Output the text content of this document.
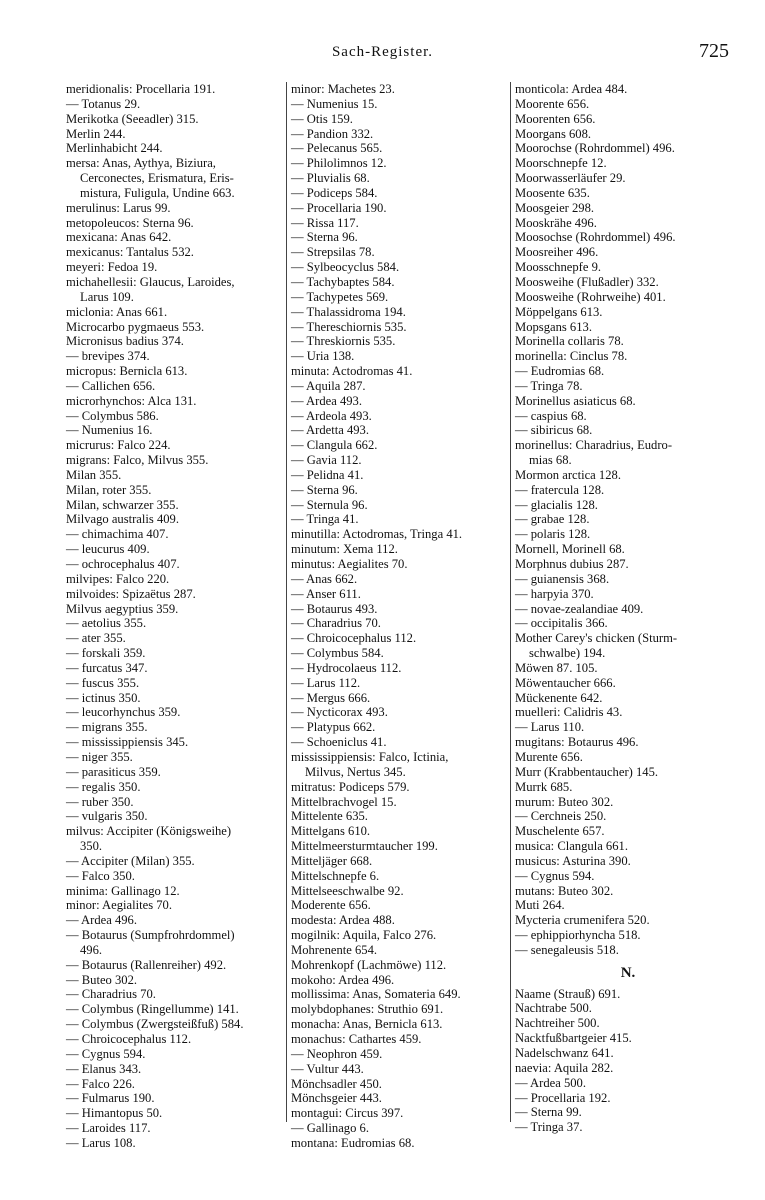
Sach-Register.	725
meridionalis: Procellaria 191.
— Totanus 29.
Merikotka (Seeadler) 315.
Merlin 244.
Merlinhabicht 244.
mersa: Anas, Aythya, Biziura,
Cerconectes, Erismatura, Eris-
mistura, Fuligula, Undine 663.
merulinus: Larus 99.
metopoleucos: Sterna 96.
mexicana: Anas 642.
mexicanus: Tantalus 532.
meyeri: Fedoa 19.
michahellesii: Glaucus, Laroides,
Larus 109.
miclonia: Anas 661.
Microcarbo pygmaeus 553.
Micronisus badius 374.
— brevipes 374.
micropus: Bernicla 613.
— Callichen 656.
microrhynchos: Alca 131.
— Colymbus 586.
— Numenius 16.
micrurus: Falco 224.
migrans: Falco, Milvus 355.
Milan 355.
Milan, roter 355.
Milan, schwarzer 355.
Milvago australis 409.
— chimachima 407.
— leucurus 409.
— ochrocephalus 407.
milvipes: Falco 220.
milvoides: Spizaëtus 287.
Milvus aegyptius 359.
— aetolius 355.
— ater 355.
— forskali 359.
— furcatus 347.
— fuscus 355.
— ictinus 350.
— leucorhynchus 359.
— migrans 355.
— mississippiensis 345.
— niger 355.
— parasiticus 359.
— regalis 350.
— ruber 350.
— vulgaris 350.
milvus: Accipiter (Königsweihe)
350.
— Accipiter (Milan) 355.
— Falco 350.
minima: Gallinago 12.
minor: Aegialites 70.
— Ardea 496.
— Botaurus (Sumpfrohrdommel)
496.
— Botaurus (Rallenreiher) 492.
— Buteo 302.
— Charadrius 70.
— Colymbus (Ringellumme) 141.
— Colymbus (Zwergsteißfuß) 584.
— Chroicocephalus 112.
— Cygnus 594.
— Elanus 343.
— Falco 226.
— Fulmarus 190.
— Himantopus 50.
— Laroides 117.
— Larus 108.
minor: Machetes 23.
— Numenius 15.
— Otis 159.
— Pandion 332.
— Pelecanus 565.
— Philolimnos 12.
— Pluvialis 68.
— Podiceps 584.
— Procellaria 190.
— Rissa 117.
— Sterna 96.
— Strepsilas 78.
— Sylbeocyclus 584.
— Tachybaptes 584.
— Tachypetes 569.
— Thalassidroma 194.
— Thereschiornis 535.
— Threskiornis 535.
— Uria 138.
minuta: Actodromas 41.
— Aquila 287.
— Ardea 493.
— Ardeola 493.
— Ardetta 493.
— Clangula 662.
— Gavia 112.
— Pelidna 41.
— Sterna 96.
— Sternula 96.
— Tringa 41.
minutilla: Actodromas, Tringa 41.
minutum: Xema 112.
minutus: Aegialites 70.
— Anas 662.
— Anser 611.
— Botaurus 493.
— Charadrius 70.
— Chroicocephalus 112.
— Colymbus 584.
— Hydrocolaeus 112.
— Larus 112.
— Mergus 666.
— Nycticorax 493.
— Platypus 662.
— Schoeniclus 41.
mississippiensis: Falco, Ictinia,
Milvus, Nertus 345.
mitratus: Podiceps 579.
Mittelbrachvogel 15.
Mittelente 635.
Mittelgans 610.
Mittelmeersturmtaucher 199.
Mitteljäger 668.
Mittelschnepfe 6.
Mittelseeschwalbe 92.
Moderente 656.
modesta: Ardea 488.
mogilnik: Aquila, Falco 276.
Mohrenente 654.
Mohrenkopf (Lachmöwe) 112.
mokoho: Ardea 496.
mollissima: Anas, Somateria 649.
molybdophanes: Struthio 691.
monacha: Anas, Bernicla 613.
monachus: Cathartes 459.
— Neophron 459.
— Vultur 443.
Mönchsadler 450.
Mönchsgeier 443.
montagui: Circus 397.
— Gallinago 6.
montana: Eudromias 68.
monticola: Ardea 484.
Moorente 656.
Moorenten 656.
Moorgans 608.
Moorochse (Rohrdommel) 496.
Moorschnepfe 12.
Moorwasserläufer 29.
Moosente 635.
Moosgeier 298.
Mooskrähe 496.
Moosochse (Rohrdommel) 496.
Moosreiher 496.
Moosschnepfe 9.
Moosweihe (Flußadler) 332.
Moosweihe (Rohrweihe) 401.
Möppelgans 613.
Mopsgans 613.
Morinella collaris 78.
morinella: Cinclus 78.
— Eudromias 68.
— Tringa 78.
Morinellus asiaticus 68.
— caspius 68.
— sibiricus 68.
morinellus: Charadrius, Eudro-
mias 68.
Mormon arctica 128.
— fratercula 128.
— glacialis 128.
— grabae 128.
— polaris 128.
Mornell, Morinell 68.
Morphnus dubius 287.
— guianensis 368.
— harpyia 370.
— novae-zealandiae 409.
— occipitalis 366.
Mother Carey's chicken (Sturm-
schwalbe) 194.
Möwen 87. 105.
Möwentaucher 666.
Mückenente 642.
muelleri: Calidris 43.
— Larus 110.
mugitans: Botaurus 496.
Murente 656.
Murr (Krabbentaucher) 145.
Murrk 685.
murum: Buteo 302.
— Cerchneis 250.
Muschelente 657.
musica: Clangula 661.
musicus: Asturina 390.
— Cygnus 594.
mutans: Buteo 302.
Muti 264.
Mycteria crumenifera 520.
— ephippiorhyncha 518.
— senegaleusis 518.
N.
Naame (Strauß) 691.
Nachtrabe 500.
Nachtreiher 500.
Nacktfußbartgeier 415.
Nadelschwanz 641.
naevia: Aquila 282.
— Ardea 500.
— Procellaria 192.
— Sterna 99.
— Tringa 37.
